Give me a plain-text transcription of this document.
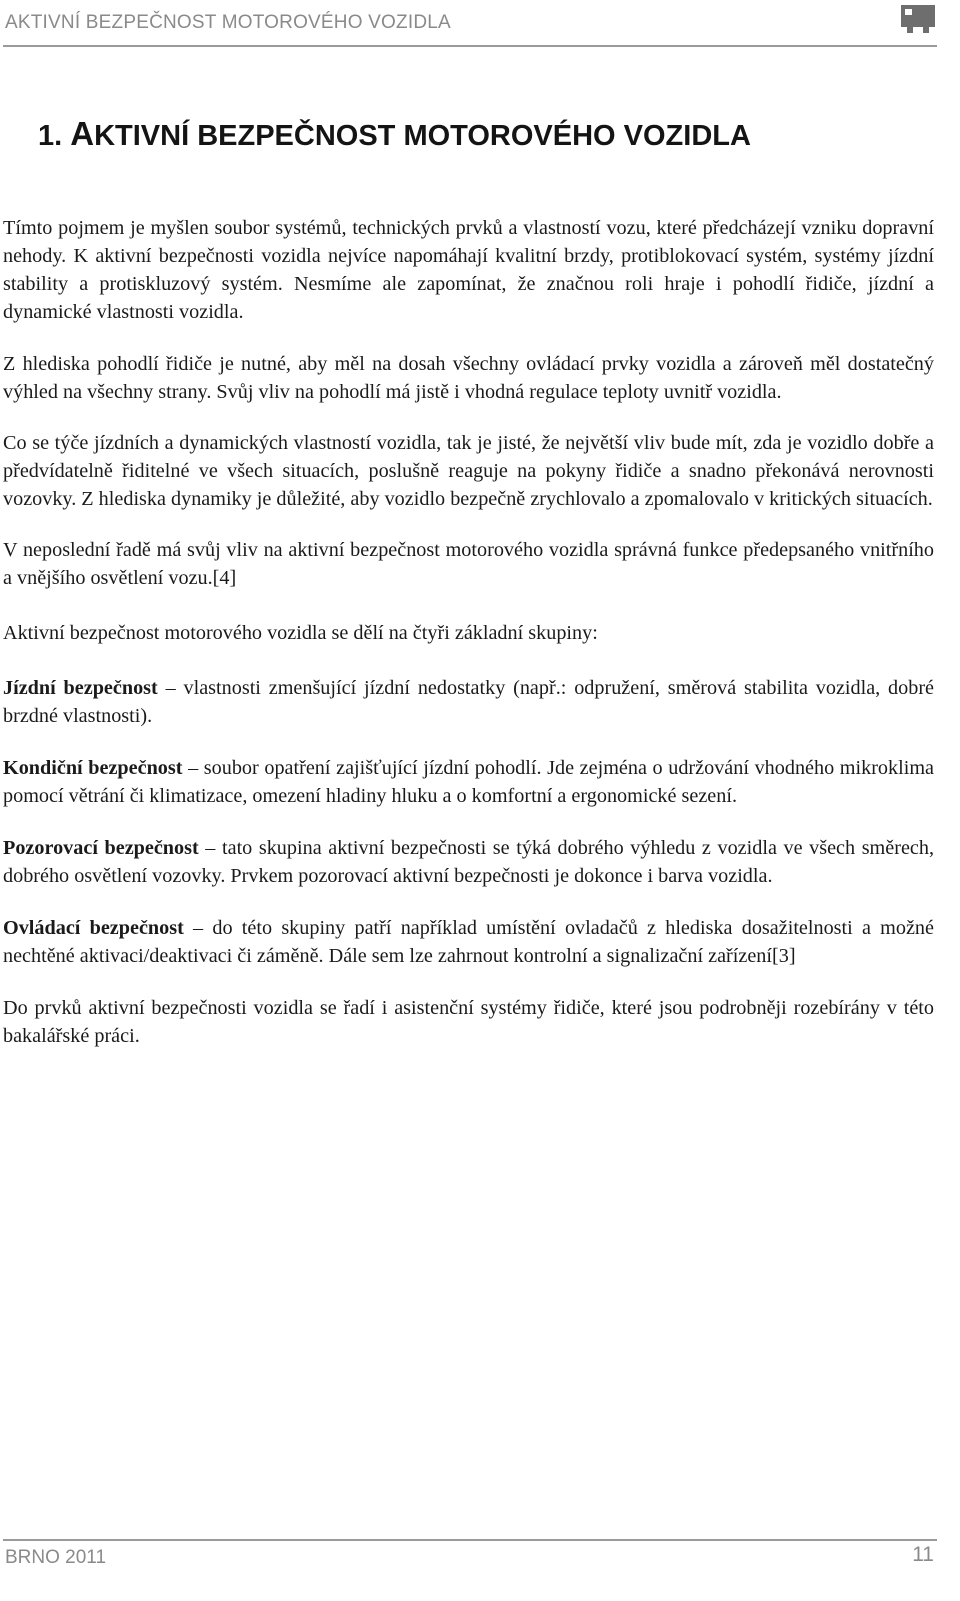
AKTIVNÍ BEZPEČNOST MOTOROVÉHO VOZIDLA
1. AKTIVNÍ BEZPEČNOST MOTOROVÉHO VOZIDLA

Tímto pojmem je myšlen soubor systémů, technických prvků a vlastností vozu, které předcházejí vzniku dopravní nehody. K aktivní bezpečnosti vozidla nejvíce napomáhají kvalitní brzdy, protiblokovací systém, systémy jízdní stability a protiskluzový systém. Nesmíme ale zapomínat, že značnou roli hraje i pohodlí řidiče, jízdní a dynamické vlastnosti vozidla.

Z hlediska pohodlí řidiče je nutné, aby měl na dosah všechny ovládací prvky vozidla a zároveň měl dostatečný výhled na všechny strany. Svůj vliv na pohodlí má jistě i vhodná regulace teploty uvnitř vozidla.

Co se týče jízdních a dynamických vlastností vozidla, tak je jisté, že největší vliv bude mít, zda je vozidlo dobře a předvídatelně řiditelné ve všech situacích, poslušně reaguje na pokyny řidiče a snadno překonává nerovnosti vozovky. Z hlediska dynamiky je důležité, aby vozidlo bezpečně zrychlovalo a zpomalovalo v kritických situacích.

V neposlední řadě má svůj vliv na aktivní bezpečnost motorového vozidla správná funkce předepsaného vnitřního a vnějšího osvětlení vozu.[4]

Aktivní bezpečnost motorového vozidla se dělí na čtyři základní skupiny:

Jízdní bezpečnost – vlastnosti zmenšující jízdní nedostatky (např.: odpružení, směrová stabilita vozidla, dobré brzdné vlastnosti).

Kondiční bezpečnost – soubor opatření zajišťující jízdní pohodlí. Jde zejména o udržování vhodného mikroklima pomocí větrání či klimatizace, omezení hladiny hluku a o komfortní a ergonomické sezení.

Pozorovací bezpečnost – tato skupina aktivní bezpečnosti se týká dobrého výhledu z vozidla ve všech směrech, dobrého osvětlení vozovky. Prvkem pozorovací aktivní bezpečnosti je dokonce i barva vozidla.

Ovládací bezpečnost – do této skupiny patří například umístění ovladačů z hlediska dosažitelnosti a možné nechtěné aktivaci/deaktivaci či záměně. Dále sem lze zahrnout kontrolní a signalizační zařízení[3]

Do prvků aktivní bezpečnosti vozidla se řadí i asistenční systémy řidiče, které jsou podrobněji rozebírány v této bakalářské práci.

BRNO 2011	11
